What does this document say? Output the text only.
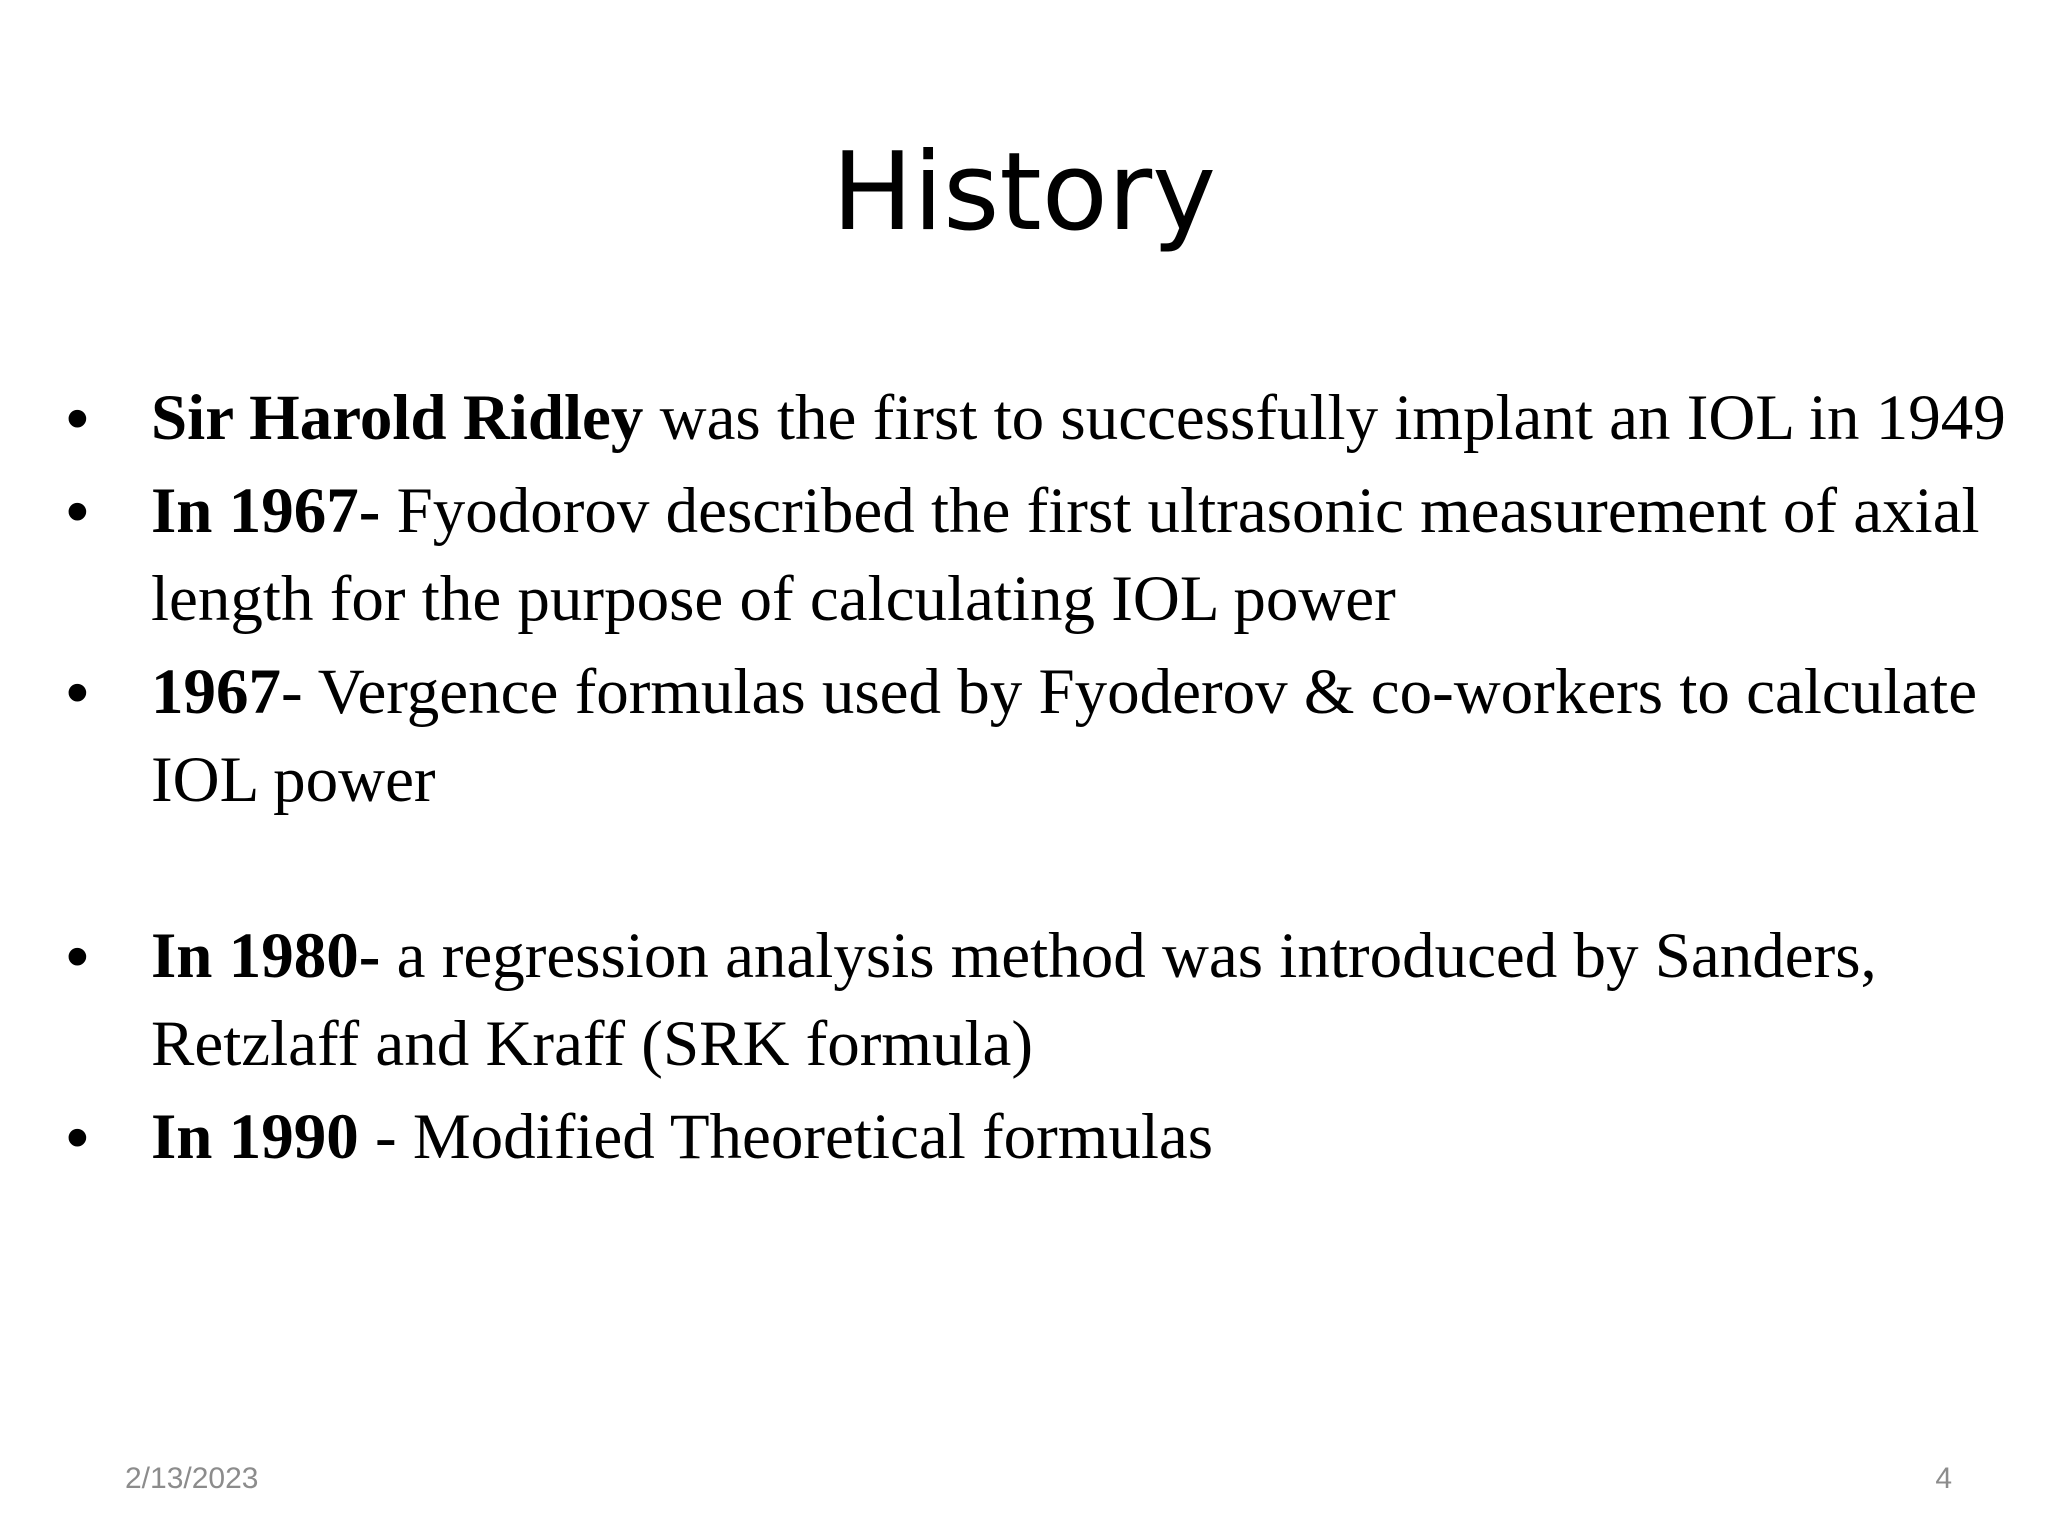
History
• Sir Harold Ridley was the first to successfully implant an IOL in 1949
• In 1967- Fyodorov described the first ultrasonic measurement of axial length for the purpose of calculating IOL power
• 1967- Vergence formulas used by Fyoderov & co-workers to calculate IOL power
• In 1980- a regression analysis method was introduced by Sanders, Retzlaff and Kraff (SRK formula)
• In 1990 - Modified Theoretical formulas
2/13/2023	4
